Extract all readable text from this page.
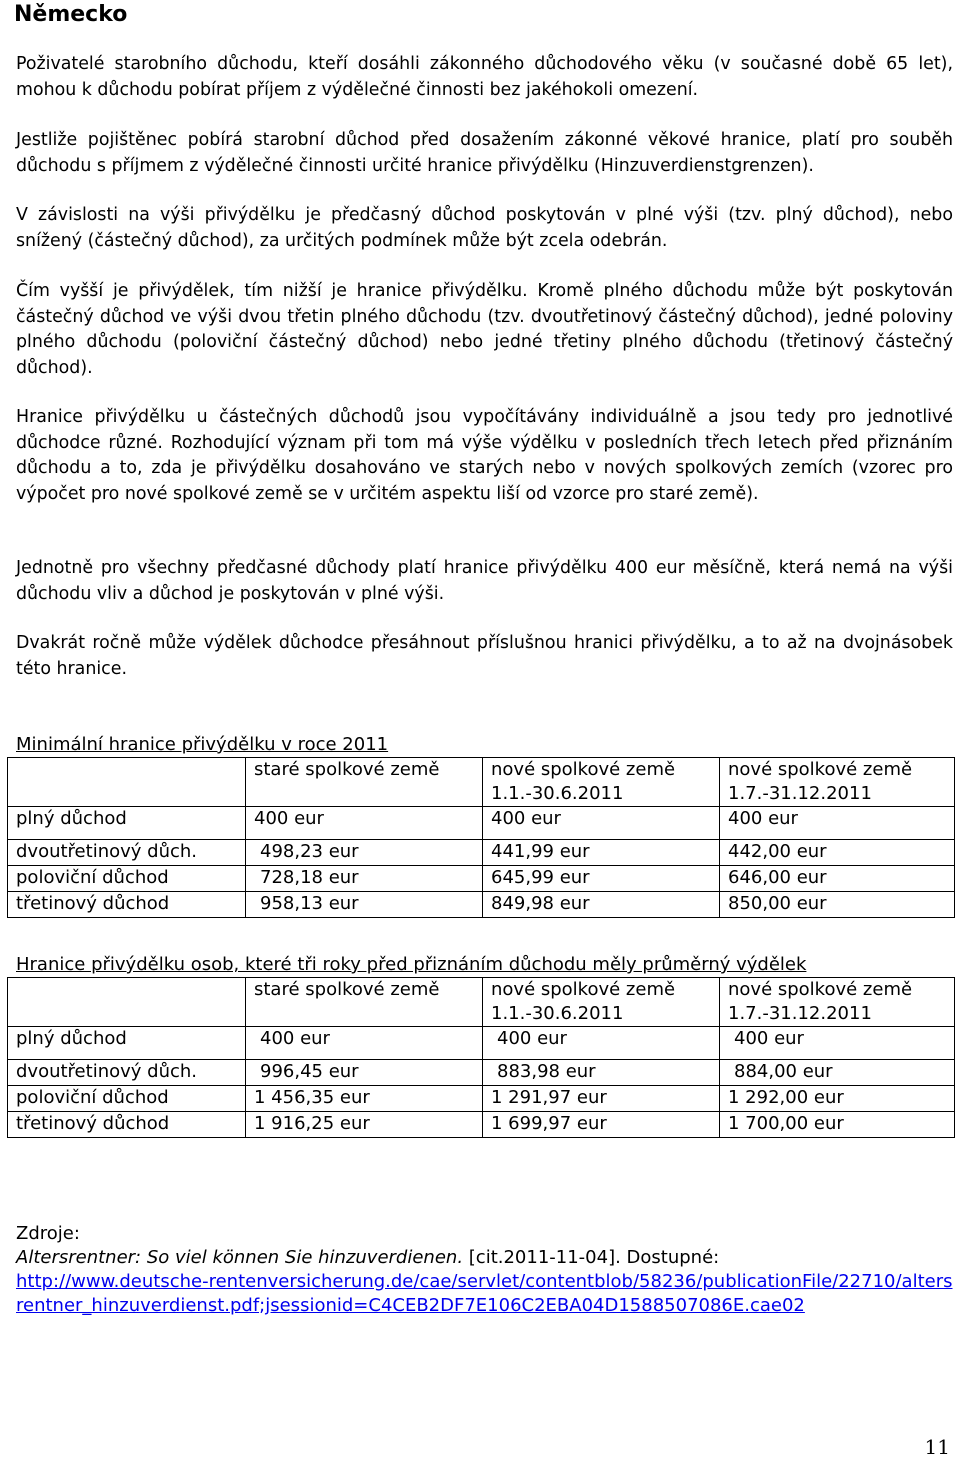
Německo

Poživatelé starobního důchodu, kteří dosáhli zákonného důchodového věku (v současné době 65 let), mohou k důchodu pobírat příjem z výdělečné činnosti bez jakéhokoli omezení.

Jestliže pojištěnec pobírá starobní důchod před dosažením zákonné věkové hranice, platí pro souběh důchodu s příjmem z výdělečné činnosti určité hranice přivýdělku (Hinzuverdienstgrenzen).

V závislosti na výši přivýdělku je předčasný důchod poskytován v plné výši (tzv. plný důchod), nebo snížený (částečný důchod), za určitých podmínek může být zcela odebrán.

Čím vyšší je přivýdělek, tím nižší je hranice přivýdělku. Kromě plného důchodu může být poskytován částečný důchod ve výši dvou třetin plného důchodu (tzv. dvoutřetinový částečný důchod), jedné poloviny plného důchodu (poloviční částečný důchod) nebo jedné třetiny plného důchodu (třetinový částečný důchod).

Hranice přivýdělku u částečných důchodů jsou vypočítávány individuálně a jsou tedy pro jednotlivé důchodce různé. Rozhodující význam při tom má výše výdělku v posledních třech letech před přiznáním důchodu a to, zda je přivýdělku dosahováno ve starých nebo v nových spolkových zemích (vzorec pro výpočet pro nové spolkové země se v určitém aspektu liší od vzorce pro staré země).

Jednotně pro všechny předčasné důchody platí hranice přivýdělku 400 eur měsíčně, která nemá na výši důchodu vliv a důchod je poskytován v plné výši.

Dvakrát ročně může výdělek důchodce přesáhnout příslušnou hranici přivýdělku, a to až na dvojnásobek této hranice.

Minimální hranice přivýdělku v roce 2011
	staré spolkové země	nové spolkové země 1.1.-30.6.2011	nové spolkové země 1.7.-31.12.2011
plný důchod	400 eur	400 eur	400 eur
dvoutřetinový důch.	498,23 eur	441,99 eur	442,00 eur
poloviční důchod	728,18 eur	645,99 eur	646,00 eur
třetinový důchod	958,13 eur	849,98 eur	850,00 eur
Hranice přivýdělku osob, které tři roky před přiznáním důchodu měly průměrný výdělek
	staré spolkové země	nové spolkové země 1.1.-30.6.2011	nové spolkové země 1.7.-31.12.2011
plný důchod	400 eur	400 eur	400 eur
dvoutřetinový důch.	996,45 eur	883,98 eur	884,00 eur
poloviční důchod	1 456,35 eur	1 291,97 eur	1 292,00 eur
třetinový důchod	1 916,25 eur	1 699,97 eur	1 700,00 eur
Zdroje:
Altersrentner: So viel können Sie hinzuverdienen. [cit.2011-11-04]. Dostupné:
http://www.deutsche-rentenversicherung.de/cae/servlet/contentblob/58236/publicationFile/22710/altersrentner_hinzuverdienst.pdf;jsessionid=C4CEB2DF7E106C2EBA04D1588507086E.cae02
11
